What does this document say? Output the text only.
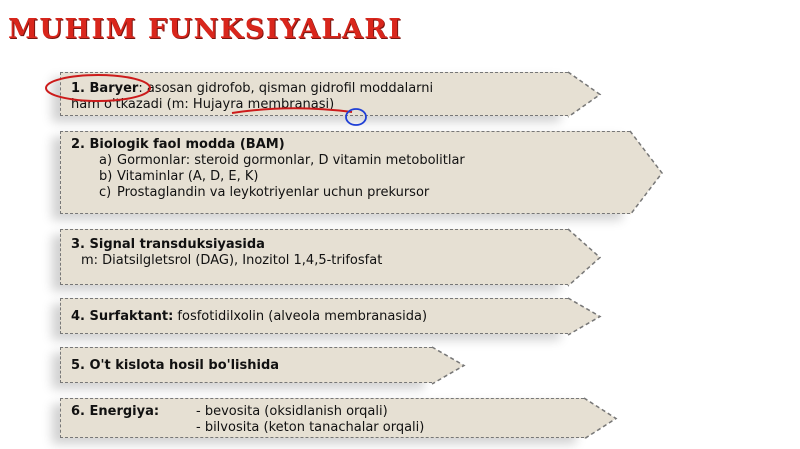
MUHIM FUNKSIYALARI
1. Baryer: asosan gidrofob, qisman gidrofil moddalarni
ham o'tkazadi (m: Hujayra membranasi)
2. Biologik faol modda (BAM)
a) Gormonlar: steroid gormonlar, D vitamin metobolitlar
b) Vitaminlar (A, D, E, K)
c) Prostaglandin va leykotriyenlar uchun prekursor
3. Signal transduksiyasida
m: Diatsilgletsrol (DAG), Inozitol 1,4,5-trifosfat
4. Surfaktant: fosfotidilxolin (alveola membranasida)
5. O't kislota hosil bo'lishida
6. Energiya:	- bevosita (oksidlanish orqali)
- bilvosita (keton tanachalar orqali)
